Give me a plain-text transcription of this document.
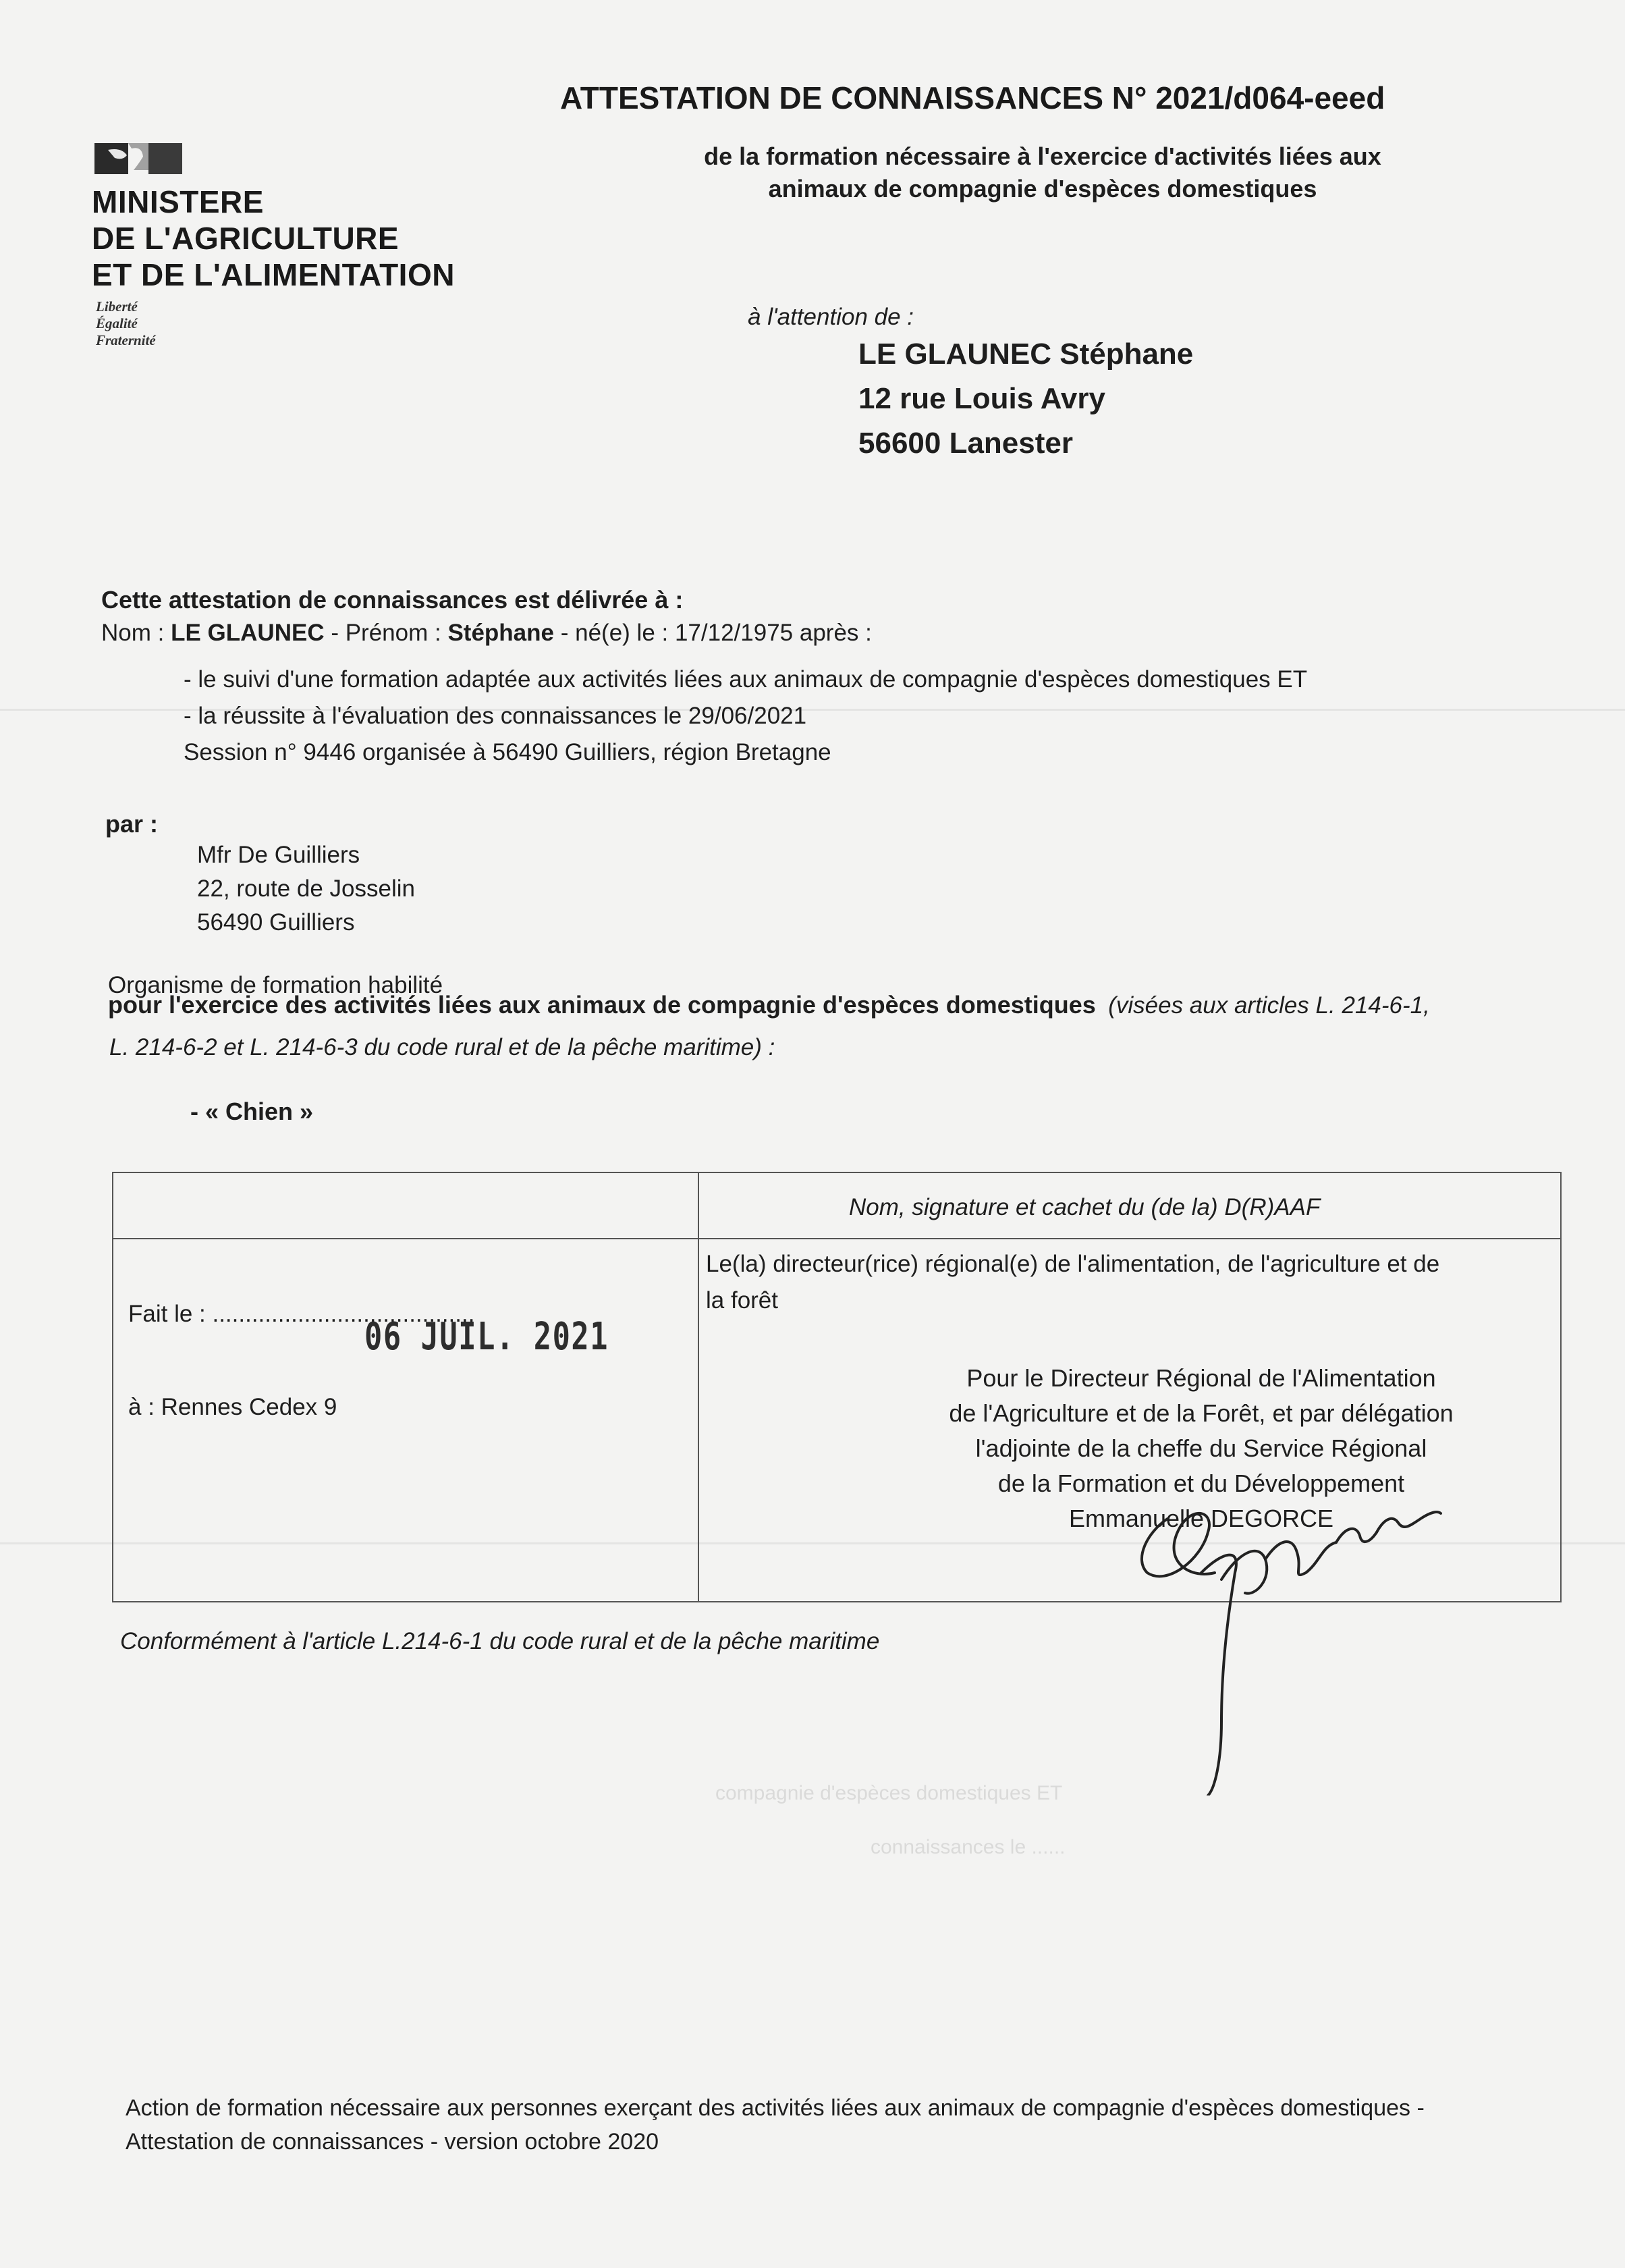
compagnie d'espèces domestiques ET
connaissances le ......
MINISTERE
DE L'AGRICULTURE
ET DE L'ALIMENTATION
Liberté
Égalité
Fraternité
ATTESTATION DE CONNAISSANCES N° 2021/d064-eeed
de la formation nécessaire à l'exercice d'activités liées aux
animaux de compagnie d'espèces domestiques
à l'attention de :
LE GLAUNEC Stéphane
12 rue Louis Avry
56600 Lanester
Cette attestation de connaissances est délivrée à :
Nom : LE GLAUNEC - Prénom : Stéphane - né(e) le : 17/12/1975 après :
- le suivi d'une formation adaptée aux activités liées aux animaux de compagnie d'espèces domestiques ET
- la réussite à l'évaluation des connaissances le 29/06/2021
Session n° 9446 organisée à 56490 Guilliers, région Bretagne
par :
Mfr De Guilliers
22, route de Josselin
56490 Guilliers
Organisme de formation habilité
pour l'exercice des activités liées aux animaux de compagnie d'espèces domestiques (visées aux articles L. 214-6-1,
L. 214-6-2 et L. 214-6-3 du code rural et de la pêche maritime) :
- « Chien »
Nom, signature et cachet du (de la) D(R)AAF
Fait le : ........................................
à : Rennes Cedex 9
Le(la) directeur(rice) régional(e) de l'alimentation, de l'agriculture et de
la forêt
06 JUIL. 2021
Pour le Directeur Régional de l'Alimentation
de l'Agriculture et de la Forêt, et par délégation
l'adjointe de la cheffe du Service Régional
de la Formation et du Développement
Emmanuelle DEGORCE
Conformément à l'article L.214-6-1 du code rural et de la pêche maritime
Action de formation nécessaire aux personnes exerçant des activités liées aux animaux de compagnie d'espèces domestiques -
Attestation de connaissances - version octobre 2020
